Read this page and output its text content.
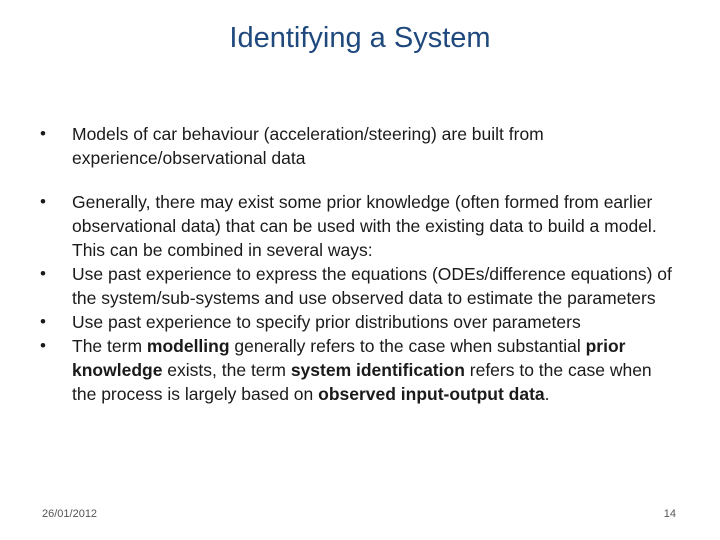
Identifying a System
•	Models of car behaviour (acceleration/steering) are built from experience/observational data
•	Generally, there may exist some prior knowledge (often formed from earlier observational data) that can be used with the existing data to build a model. This can be combined in several ways:
•	Use past experience to express the equations (ODEs/difference equations) of the system/sub-systems and use observed data to estimate the parameters
•	Use past experience to specify prior distributions over parameters
•	The term modelling generally refers to the case when substantial prior knowledge exists, the term system identification refers to the case when the process is largely based on observed input-output data.
26/01/2012	14
